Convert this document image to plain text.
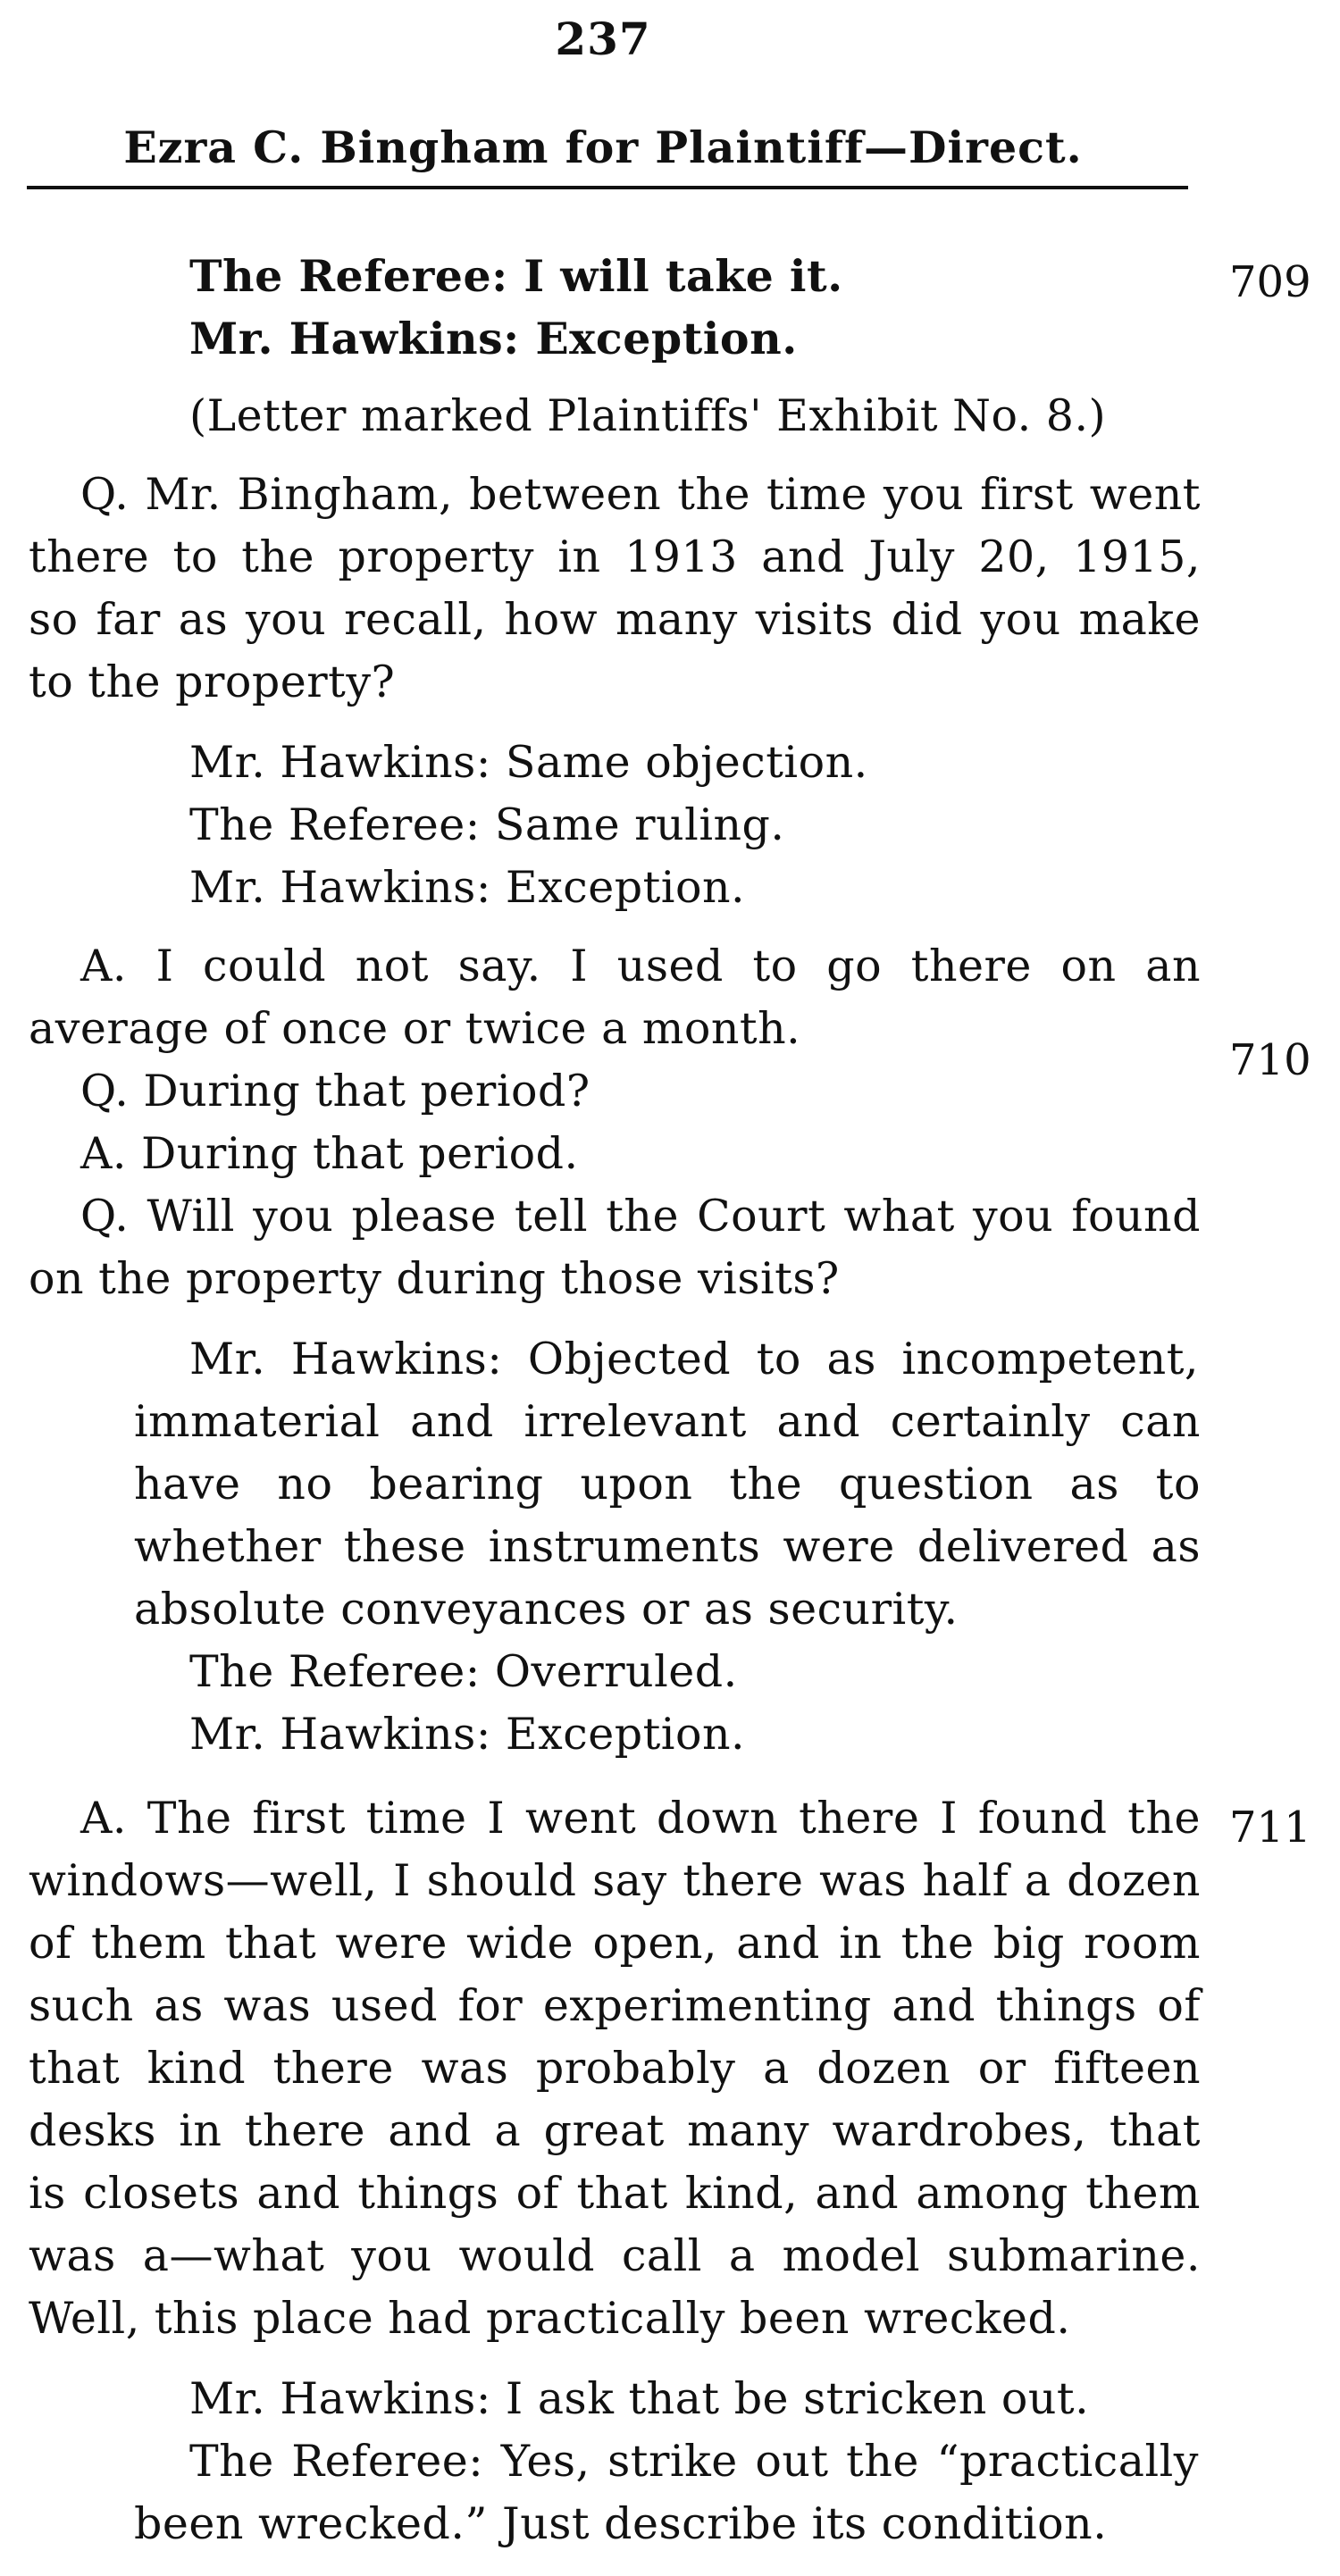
237
Ezra C. Bingham for Plaintiff—Direct.
709
710
711
The Referee: I will take it.
Mr. Hawkins: Exception.
(Letter marked Plaintiffs' Exhibit No. 8.)
Q. Mr. Bingham, between the time you first went
there to the property in 1913 and July 20, 1915,
so far as you recall, how many visits did you make
to the property?
Mr. Hawkins: Same objection.
The Referee: Same ruling.
Mr. Hawkins: Exception.
A. I could not say. I used to go there on an
average of once or twice a month.
Q. During that period?
A. During that period.
Q. Will you please tell the Court what you found
on the property during those visits?
Mr. Hawkins: Objected to as incompetent,
immaterial and irrelevant and certainly can
have no bearing upon the question as to
whether these instruments were delivered as
absolute conveyances or as security.
The Referee: Overruled.
Mr. Hawkins: Exception.
A. The first time I went down there I found the
windows—well, I should say there was half a dozen
of them that were wide open, and in the big room
such as was used for experimenting and things of
that kind there was probably a dozen or fifteen
desks in there and a great many wardrobes, that
is closets and things of that kind, and among them
was a—what you would call a model submarine.
Well, this place had practically been wrecked.
Mr. Hawkins: I ask that be stricken out.
The Referee: Yes, strike out the “practically
been wrecked.” Just describe its condition.
